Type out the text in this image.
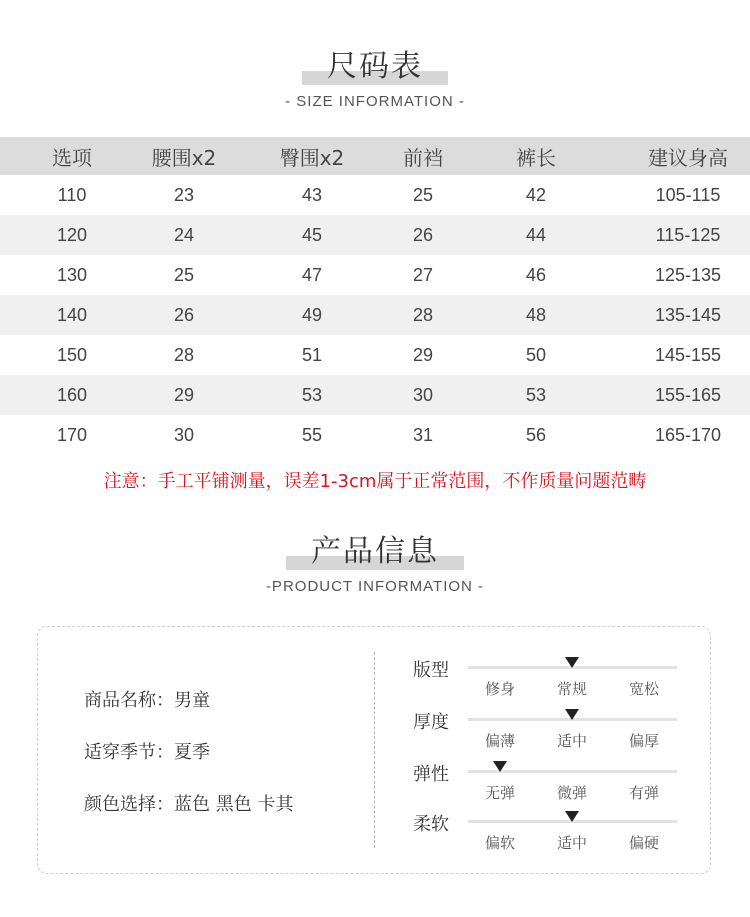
尺码表
- SIZE INFORMATION -
选项	腰围x2	臀围x2	前裆	裤长	建议身高
110	23	43	25	42	105-115
120	24	45	26	44	115-125
130	25	47	27	46	125-135
140	26	49	28	48	135-145
150	28	51	29	50	145-155
160	29	53	30	53	155-165
170	30	55	31	56	165-170
注意：手工平铺测量，误差1-3cm属于正常范围，不作质量问题范畴
产品信息
-PRODUCT INFORMATION -
商品名称：男童
适穿季节：夏季
颜色选择：蓝色 黑色 卡其
版型
修身	常规	宽松
厚度
偏薄	适中	偏厚
弹性
无弹	微弹	有弹
柔软
偏软	适中	偏硬
